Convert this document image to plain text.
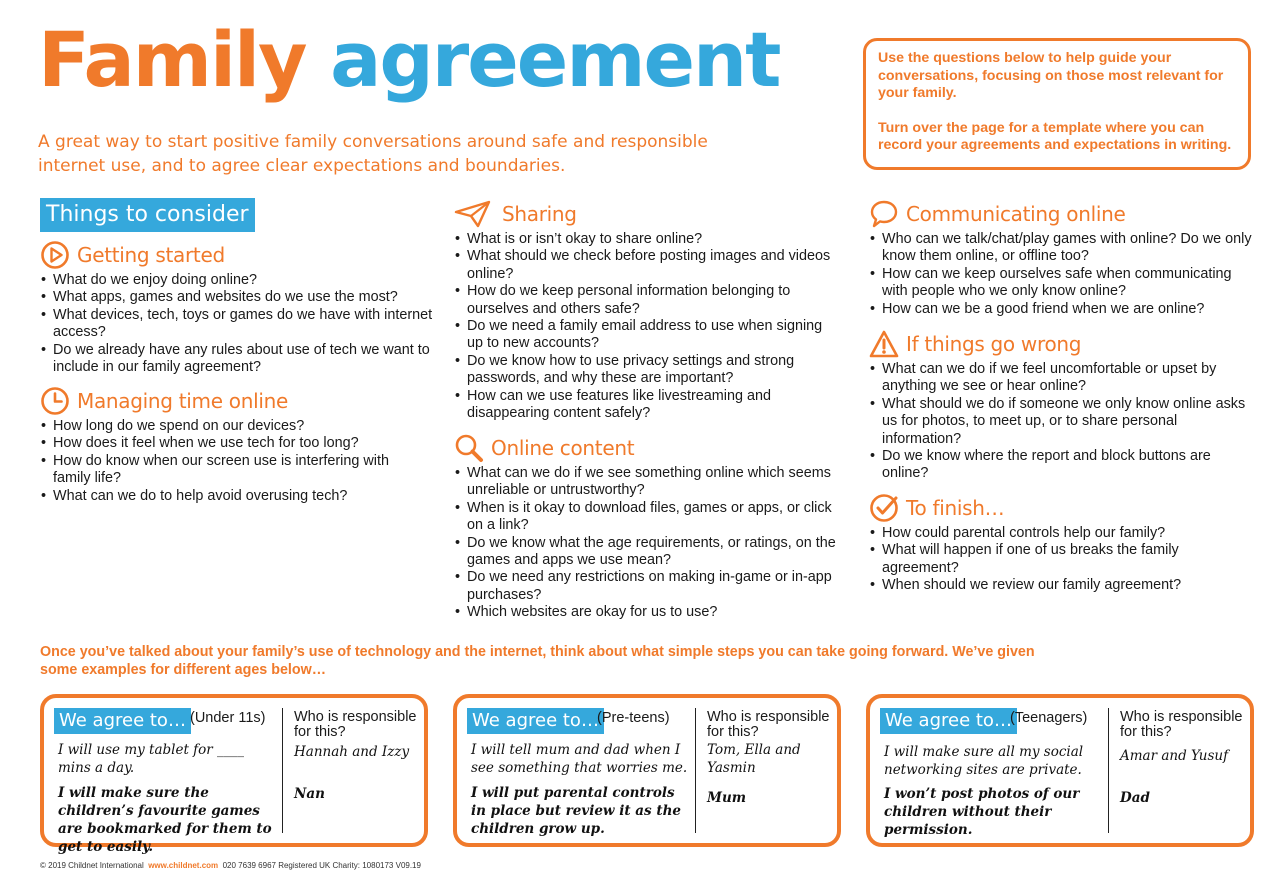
Family agreement
A great way to start positive family conversations around safe and responsible internet use, and to agree clear expectations and boundaries.

Use the questions below to help guide your conversations, focusing on those most relevant for your family.

Turn over the page for a template where you can record your agreements and expectations in writing.

Things to consider
Getting started
• What do we enjoy doing online?
• What apps, games and websites do we use the most?
• What devices, tech, toys or games do we have with internet access?
• Do we already have any rules about use of tech we want to include in our family agreement?
Managing time online
• How long do we spend on our devices?
• How does it feel when we use tech for too long?
• How do know when our screen use is interfering with family life?
• What can we do to help avoid overusing tech?
Sharing
• What is or isn’t okay to share online?
• What should we check before posting images and videos online?
• How do we keep personal information belonging to ourselves and others safe?
• Do we need a family email address to use when signing up to new accounts?
• Do we know how to use privacy settings and strong passwords, and why these are important?
• How can we use features like livestreaming and disappearing content safely?
Online content
• What can we do if we see something online which seems unreliable or untrustworthy?
• When is it okay to download files, games or apps, or click on a link?
• Do we know what the age requirements, or ratings, on the games and apps we use mean?
• Do we need any restrictions on making in-game or in-app purchases?
• Which websites are okay for us to use?
Communicating online
• Who can we talk/chat/play games with online? Do we only know them online, or offline too?
• How can we keep ourselves safe when communicating with people who we only know online?
• How can we be a good friend when we are online?
If things go wrong
• What can we do if we feel uncomfortable or upset by anything we see or hear online?
• What should we do if someone we only know online asks us for photos, to meet up, or to share personal information?
• Do we know where the report and block buttons are online?
To finish…
• How could parental controls help our family?
• What will happen if one of us breaks the family agreement?
• When should we review our family agreement?
Once you’ve talked about your family’s use of technology and the internet, think about what simple steps you can take going forward. We’ve given some examples for different ages below…
We agree to… (Under 11s) Who is responsible for this?
I will use my tablet for ____ mins a day.
I will make sure the children’s favourite games are bookmarked for them to get to easily.
Hannah and Izzy
Nan
We agree to…
(Pre-teens)	Who is responsible for this?
I will tell mum and dad when I see something that worries me.
I will put parental controls in place but review it as the children grow up.
Tom, Ella and Yasmin
Mum
We agree to…
(Teenagers) Who is responsible for this?
I will make sure all my social networking sites are private.
I won’t post photos of our children without their permission.
Amar and Yusuf
Dad
© 2019 Childnet International www.childnet.com 020 7639 6967 Registered UK Charity: 1080173 V09.19
